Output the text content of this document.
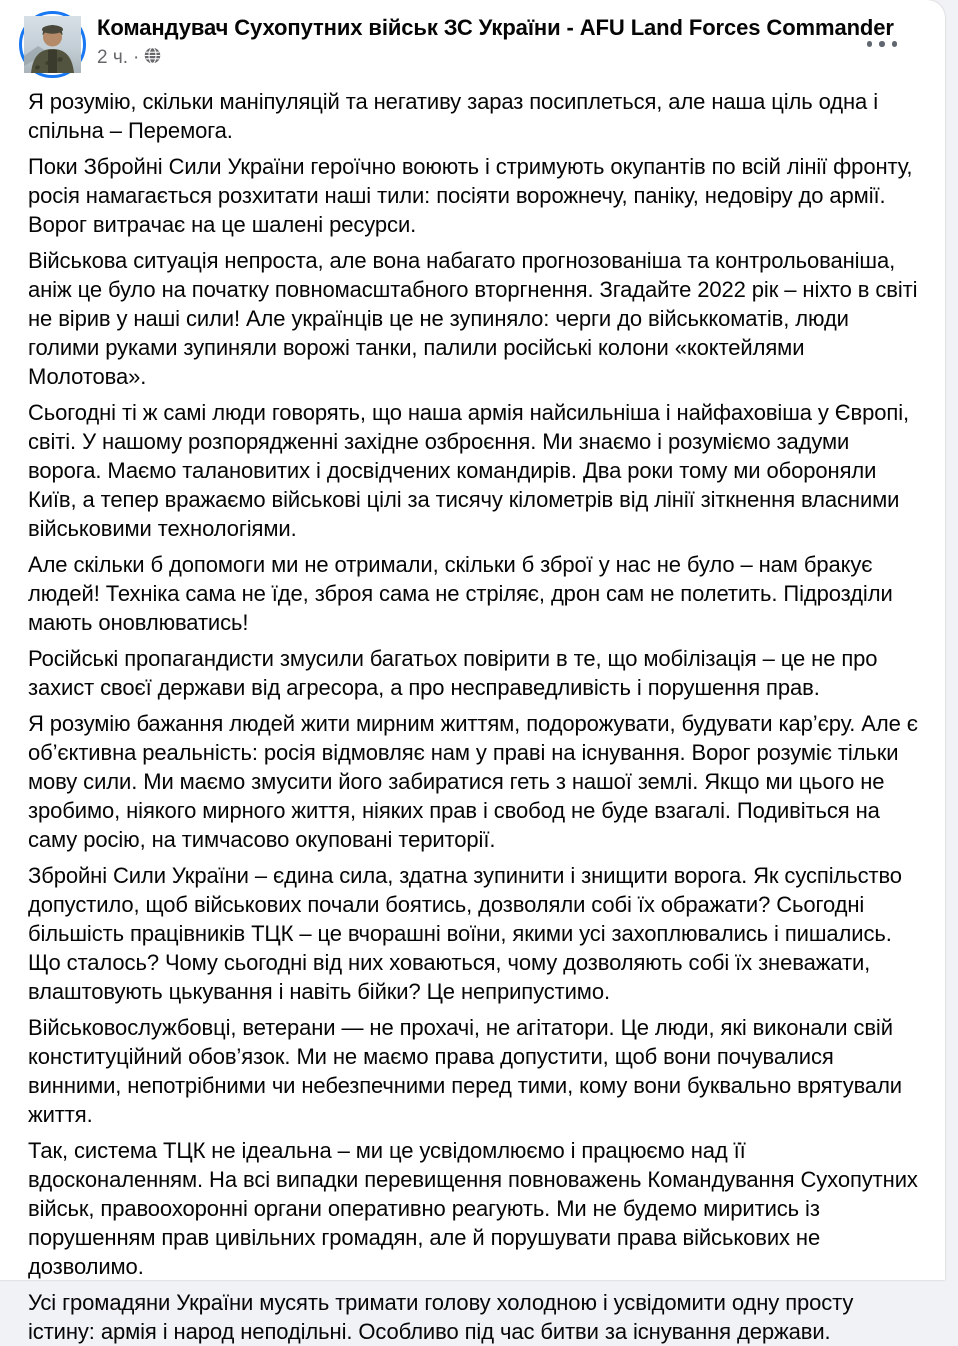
Командувач Сухопутних військ ЗС України - AFU Land Forces Commander
2 ч. ·

Я розумію, скільки маніпуляцій та негативу зараз посиплеться, але наша ціль одна і спільна – Перемога.

Поки Збройні Сили України героїчно воюють і стримують окупантів по всій лінії фронту, росія намагається розхитати наші тили: посіяти ворожнечу, паніку, недовіру до армії. Ворог витрачає на це шалені ресурси.

Військова ситуація непроста, але вона набагато прогнозованіша та контрольованіша, аніж це було на початку повномасштабного вторгнення. Згадайте 2022 рік – ніхто в світі не вірив у наші сили! Але українців це не зупиняло: черги до військкоматів, люди голими руками зупиняли ворожі танки, палили російські колони «коктейлями Молотова».

Сьогодні ті ж самі люди говорять, що наша армія найсильніша і найфаховіша у Європі, світі. У нашому розпорядженні західне озброєння. Ми знаємо і розуміємо задуми ворога. Маємо талановитих і досвідчених командирів. Два роки тому ми обороняли Київ, а тепер вражаємо військові цілі за тисячу кілометрів від лінії зіткнення власними військовими технологіями.

Але скільки б допомоги ми не отримали, скільки б зброї у нас не було – нам бракує людей! Техніка сама не їде, зброя сама не стріляє, дрон сам не полетить. Підрозділи мають оновлюватись!

Російські пропагандисти змусили багатьох повірити в те, що мобілізація – це не про захист своєї держави від агресора, а про несправедливість і порушення прав.

Я розумію бажання людей жити мирним життям, подорожувати, будувати кар’єру. Але є об’єктивна реальність: росія відмовляє нам у праві на існування. Ворог розуміє тільки мову сили. Ми маємо змусити його забиратися геть з нашої землі. Якщо ми цього не зробимо, ніякого мирного життя, ніяких прав і свобод не буде взагалі. Подивіться на саму росію, на тимчасово окуповані території.

Збройні Сили України – єдина сила, здатна зупинити і знищити ворога. Як суспільство допустило, щоб військових почали боятись, дозволяли собі їх ображати? Сьогодні більшість працівників ТЦК – це вчорашні воїни, якими усі захоплювались і пишались. Що сталось? Чому сьогодні від них ховаються, чому дозволяють собі їх зневажати, влаштовують цькування і навіть бійки? Це неприпустимо.

Військовослужбовці, ветерани — не прохачі, не агітатори. Це люди, які виконали свій конституційний обов’язок. Ми не маємо права допустити, щоб вони почувалися винними, непотрібними чи небезпечними перед тими, кому вони буквально врятували життя.

Так, система ТЦК не ідеальна – ми це усвідомлюємо і працюємо над її вдосконаленням. На всі випадки перевищення повноважень Командування Сухопутних військ, правоохоронні органи оперативно реагують. Ми не будемо миритись із порушенням прав цивільних громадян, але й порушувати права військових не дозволимо.

Усі громадяни України мусять тримати голову холодною і усвідомити одну просту істину: армія і народ неподільні. Особливо під час битви за існування держави.
